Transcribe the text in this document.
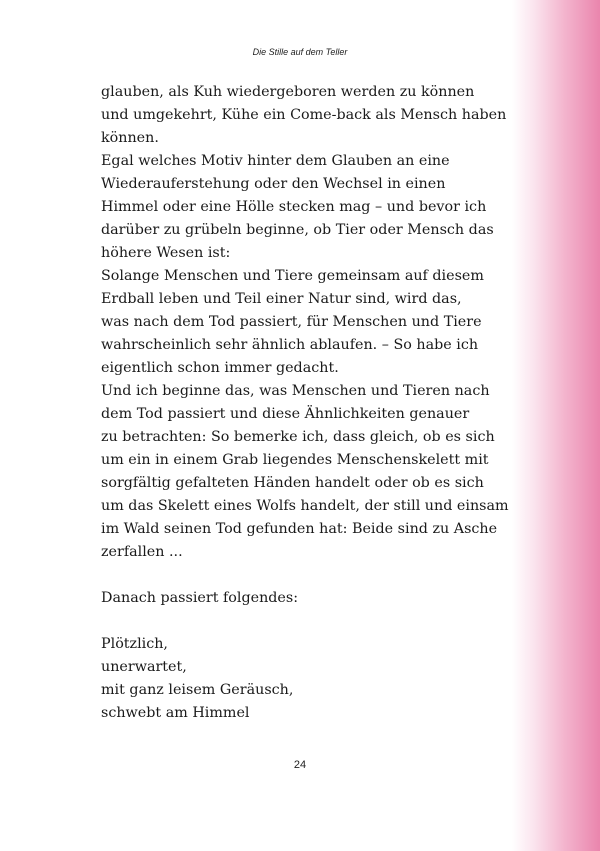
Die Stille auf dem Teller
glauben, als Kuh wiedergeboren werden zu können
und umgekehrt, Kühe ein Come-back als Mensch haben
können.
Egal welches Motiv hinter dem Glauben an eine
Wiederauferstehung oder den Wechsel in einen
Himmel oder eine Hölle stecken mag – und bevor ich
darüber zu grübeln beginne, ob Tier oder Mensch das
höhere Wesen ist:
Solange Menschen und Tiere gemeinsam auf diesem
Erdball leben und Teil einer Natur sind, wird das,
was nach dem Tod passiert, für Menschen und Tiere
wahrscheinlich sehr ähnlich ablaufen. – So habe ich
eigentlich schon immer gedacht.
Und ich beginne das, was Menschen und Tieren nach
dem Tod passiert und diese Ähnlichkeiten genauer
zu betrachten: So bemerke ich, dass gleich, ob es sich
um ein in einem Grab liegendes Menschenskelett mit
sorgfältig gefalteten Händen handelt oder ob es sich
um das Skelett eines Wolfs handelt, der still und einsam
im Wald seinen Tod gefunden hat: Beide sind zu Asche
zerfallen ...
Danach passiert folgendes:
Plötzlich,
unerwartet,
mit ganz leisem Geräusch,
schwebt am Himmel
24
